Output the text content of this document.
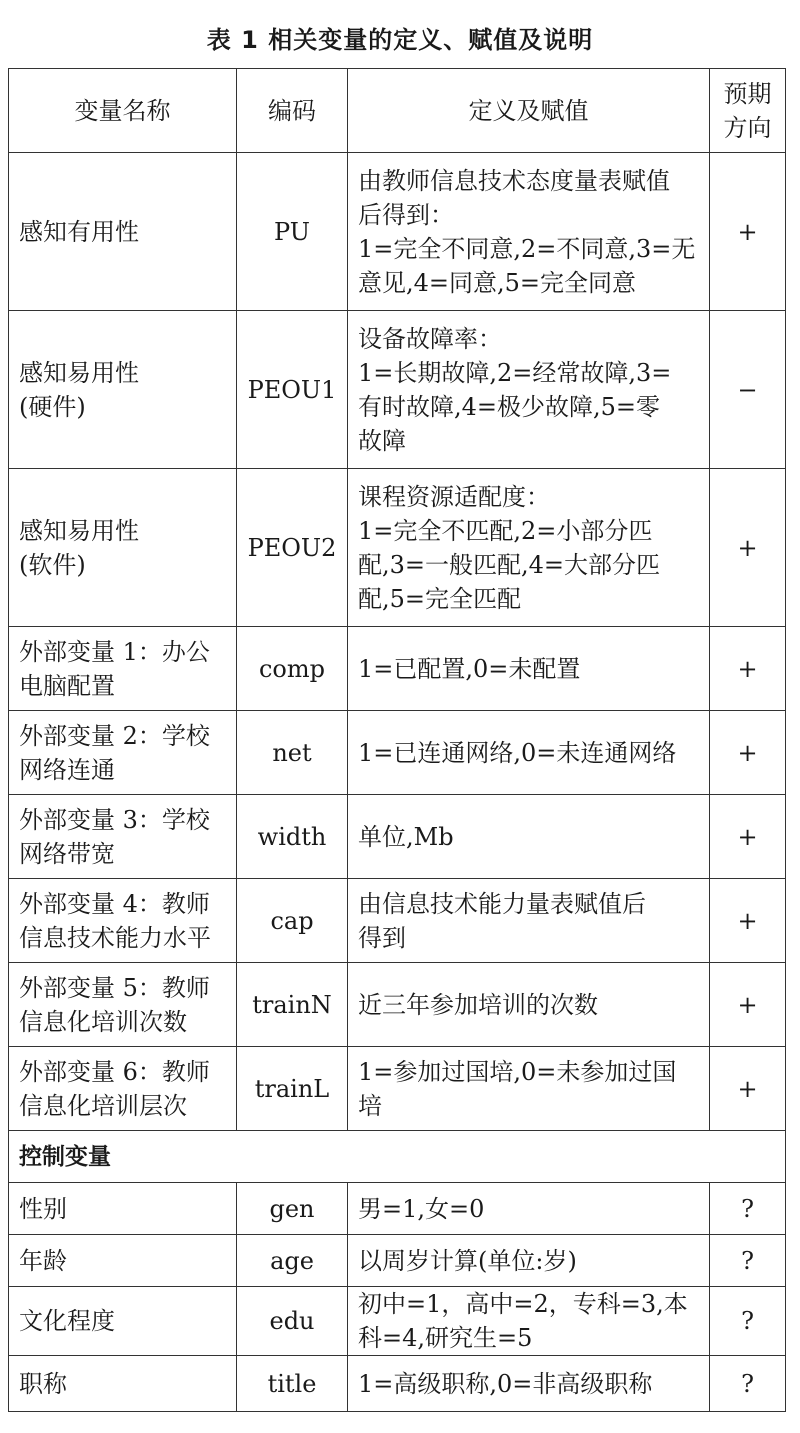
表 1 相关变量的定义、赋值及说明
变量名称	编码	定义及赋值	预期
方向

感知有用性	PU	由教师信息技术态度量表赋值
后得到：
1=完全不同意,2=不同意,3=无
意见,4=同意,5=完全同意	+

感知易用性
(硬件)	PEOU1	设备故障率：
1=长期故障,2=经常故障,3=
有时故障,4=极少故障,5=零
故障	−

感知易用性
(软件)	PEOU2	课程资源适配度：
1=完全不匹配,2=小部分匹
配,3=一般匹配,4=大部分匹
配,5=完全匹配	+

外部变量 1：办公
电脑配置	comp	1=已配置,0=未配置	+

外部变量 2：学校
网络连通	net	1=已连通网络,0=未连通网络	+

外部变量 3：学校
网络带宽	width	单位,Mb	+

外部变量 4：教师
信息技术能力水平	cap	由信息技术能力量表赋值后
得到	+

外部变量 5：教师
信息化培训次数	trainN	近三年参加培训的次数	+

外部变量 6：教师
信息化培训层次	trainL	1=参加过国培,0=未参加过国
培	+
控制变量			

性别	gen	男=1,女=0	?

年龄	age	以周岁计算(单位:岁)	?

文化程度	edu	初中=1，高中=2，专科=3,本
科=4,研究生=5	?

职称	title	1=高级职称,0=非高级职称	?
